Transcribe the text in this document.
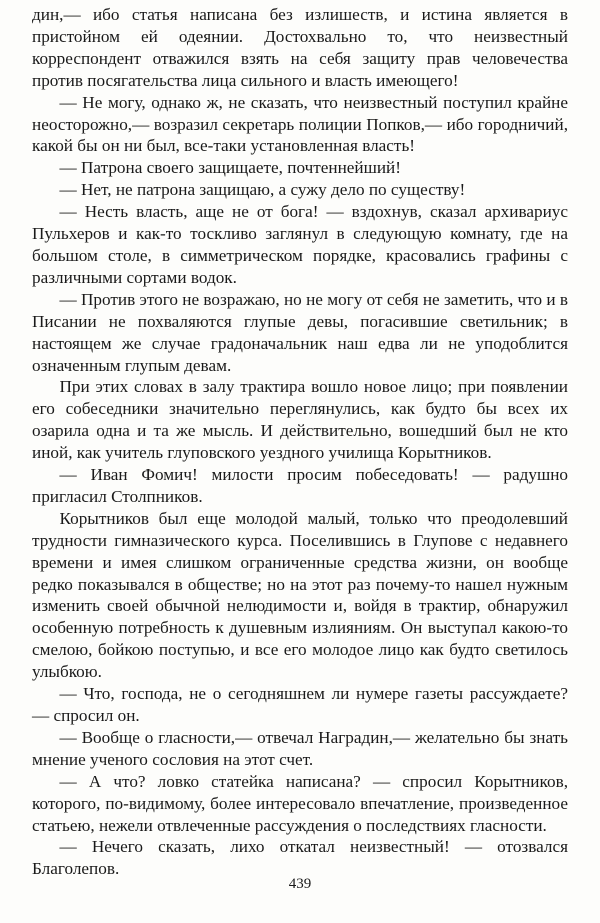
дин,— ибо статья написана без излишеств, и истина является в пристойном ей одеянии. Достохвально то, что неизвестный корреспондент отважился взять на себя защиту прав человечества против посягательства лица сильного и власть имеющего!

— Не могу, однако ж, не сказать, что неизвестный поступил крайне неосторожно,— возразил секретарь полиции Попков,— ибо городничий, какой бы он ни был, все-таки установленная власть!

— Патрона своего защищаете, почтеннейший!

— Нет, не патрона защищаю, а сужу дело по существу!

— Несть власть, аще не от бога! — вздохнув, сказал архивариус Пульхеров и как-то тоскливо заглянул в следующую комнату, где на большом столе, в симметрическом порядке, красовались графины с различными сортами водок.

— Против этого не возражаю, но не могу от себя не заметить, что и в Писании не похваляются глупые девы, погасившие светильник; в настоящем же случае градоначальник наш едва ли не уподоблится означенным глупым девам.

При этих словах в залу трактира вошло новое лицо; при появлении его собеседники значительно переглянулись, как будто бы всех их озарила одна и та же мысль. И действительно, вошедший был не кто иной, как учитель глуповского уездного училища Корытников.

— Иван Фомич! милости просим побеседовать! — радушно пригласил Столпников.

Корытников был еще молодой малый, только что преодолевший трудности гимназического курса. Поселившись в Глупове с недавнего времени и имея слишком ограниченные средства жизни, он вообще редко показывался в обществе; но на этот раз почему-то нашел нужным изменить своей обычной нелюдимости и, войдя в трактир, обнаружил особенную потребность к душевным излияниям. Он выступал какою-то смелою, бойкою поступью, и все его молодое лицо как будто светилось улыбкою.

— Что, господа, не о сегодняшнем ли нумере газеты рассуждаете? — спросил он.

— Вообще о гласности,— отвечал Наградин,— желательно бы знать мнение ученого сословия на этот счет.

— А что? ловко статейка написана? — спросил Корытников, которого, по-видимому, более интересовало впечатление, произведенное статьею, нежели отвлеченные рассуждения о последствиях гласности.

— Нечего сказать, лихо откатал неизвестный! — отозвался Благолепов.

439
